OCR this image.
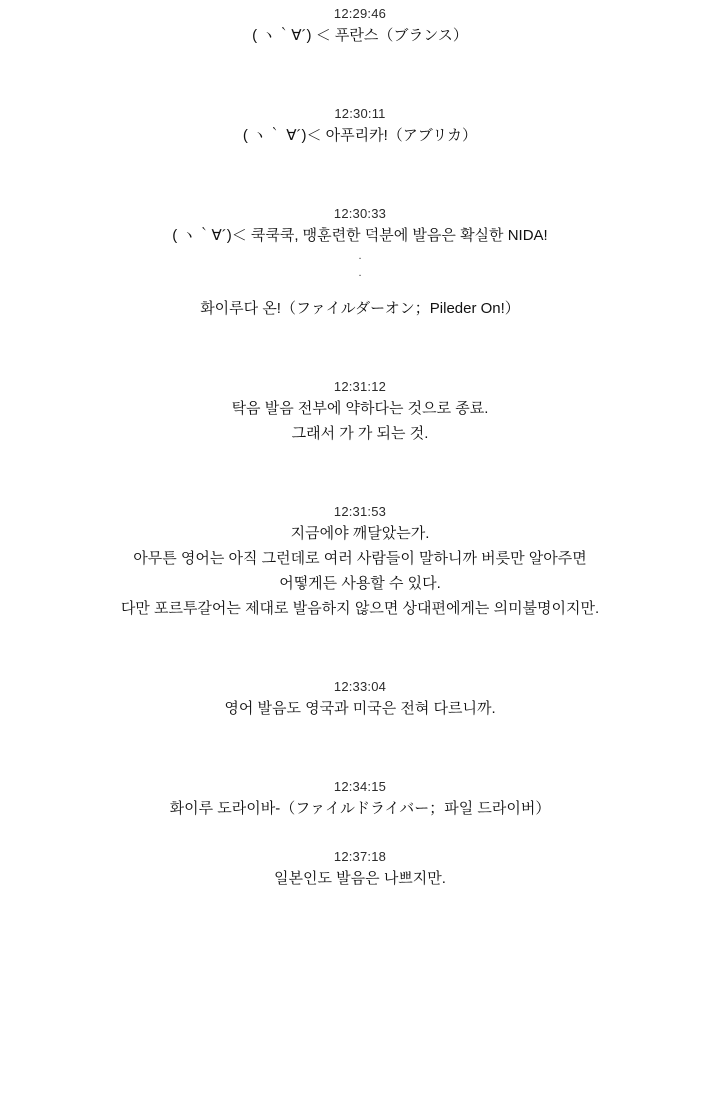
12:29:46
( ヽ｀∀´) ＜ 푸란스（ブランス）
12:30:11
( ヽ｀ ∀´)＜ 아푸리카!（アブリカ）
12:30:33
( ヽ｀∀´)＜ 쿡쿡쿡, 맹훈련한 덕분에 발음은 확실한 NIDA!
.
.
화이루다 온!（ファイルダーオン；Pileder On!）
12:31:12
탁음 발음 전부에 약하다는 것으로 종료.
그래서 가 가 되는 것.
12:31:53
지금에야 깨달았는가.
아무튼 영어는 아직 그런데로 여러 사람들이 말하니까 버릇만 알아주면
어떻게든 사용할 수 있다.
다만 포르투갈어는 제대로 발음하지 않으면 상대편에게는 의미불명이지만.
12:33:04
영어 발음도 영국과 미국은 전혀 다르니까.
12:34:15
화이루 도라이바-（ファイルドライバー；파일 드라이버）
12:37:18
일본인도 발음은 나쁘지만.
